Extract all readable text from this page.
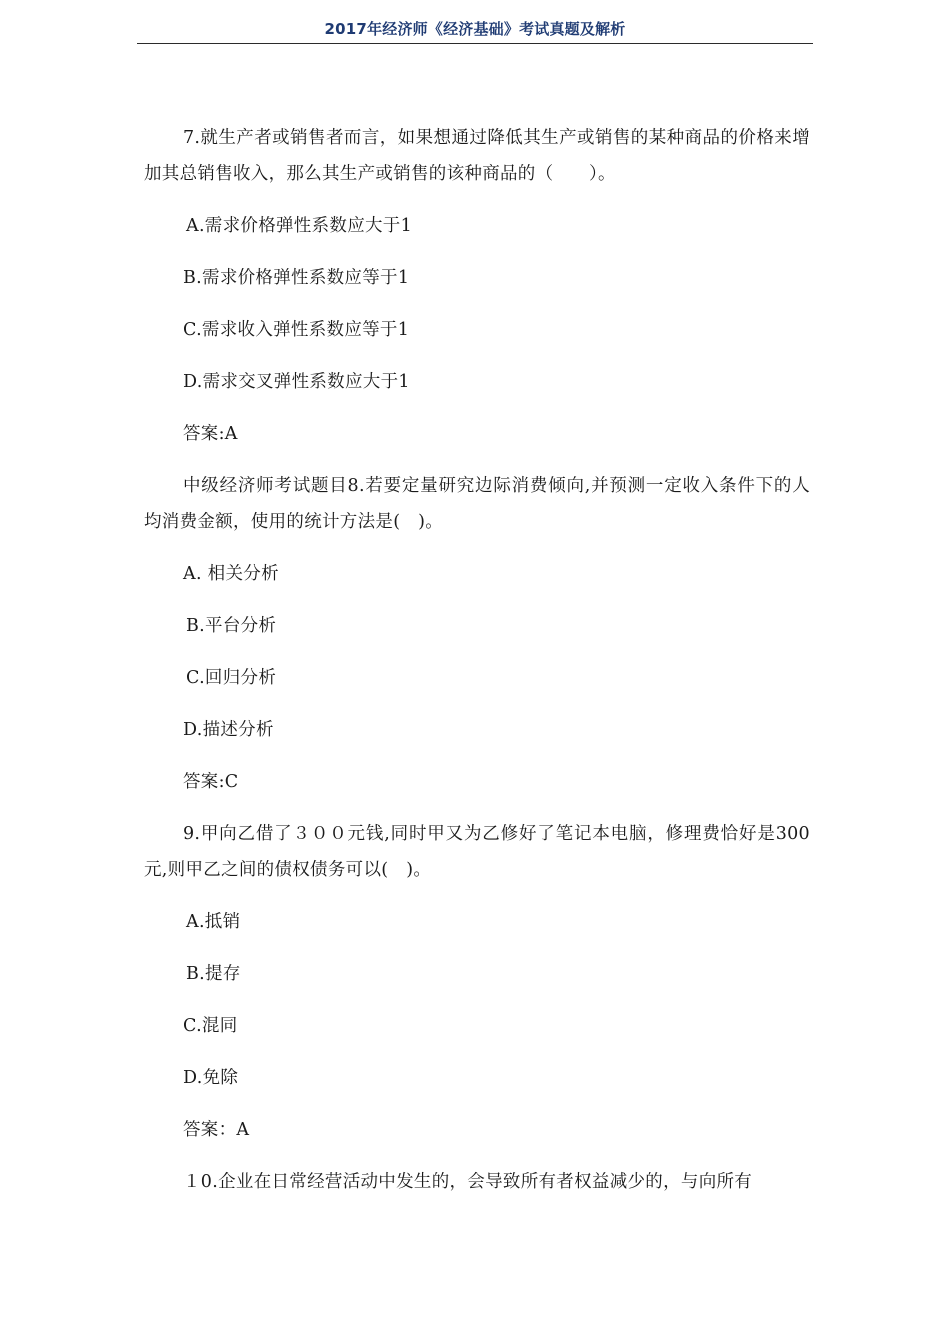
2017年经济师《经济基础》考试真题及解析

7.就生产者或销售者而言，如果想通过降低其生产或销售的某种商品的价格来增加其总销售收入，那么其生产或销售的该种商品的（　　）。

A.需求价格弹性系数应大于1
B.需求价格弹性系数应等于1
C.需求收入弹性系数应等于1
D.需求交叉弹性系数应大于1
答案:A

中级经济师考试题目8.若要定量研究边际消费倾向,并预测一定收入条件下的人均消费金额，使用的统计方法是(　)。

A. 相关分析
B.平台分析
C.回归分析
D.描述分析
答案:C

9.甲向乙借了３００元钱,同时甲又为乙修好了笔记本电脑，修理费恰好是300元,则甲乙之间的债权债务可以(　)。

A.抵销
B.提存
C.混同
D.免除
答案：A

１0.企业在日常经营活动中发生的，会导致所有者权益减少的，与向所有
